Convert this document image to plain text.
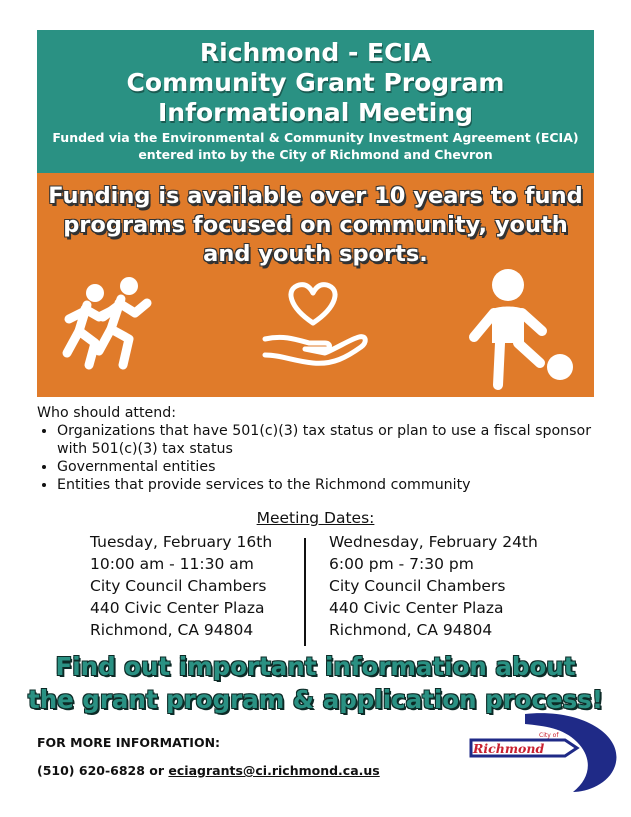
Richmond - ECIA
Community Grant Program
Informational Meeting
Funded via the Environmental & Community Investment Agreement (ECIA)
entered into by the City of Richmond and Chevron
Funding is available over 10 years to fund
programs focused on community, youth
and youth sports.
Who should attend:
• Organizations that have 501(c)(3) tax status or plan to use a fiscal sponsor with 501(c)(3) tax status
• Governmental entities
• Entities that provide services to the Richmond community
Meeting Dates:
Tuesday, February 16th
10:00 am - 11:30 am
City Council Chambers
440 Civic Center Plaza
Richmond, CA 94804
Wednesday, February 24th
6:00 pm - 7:30 pm
City Council Chambers
440 Civic Center Plaza
Richmond, CA 94804
Find out important information about
the grant program & application process!
FOR MORE INFORMATION:
(510) 620-6828 or eciagrants@ci.richmond.ca.us
Richmond
City of
